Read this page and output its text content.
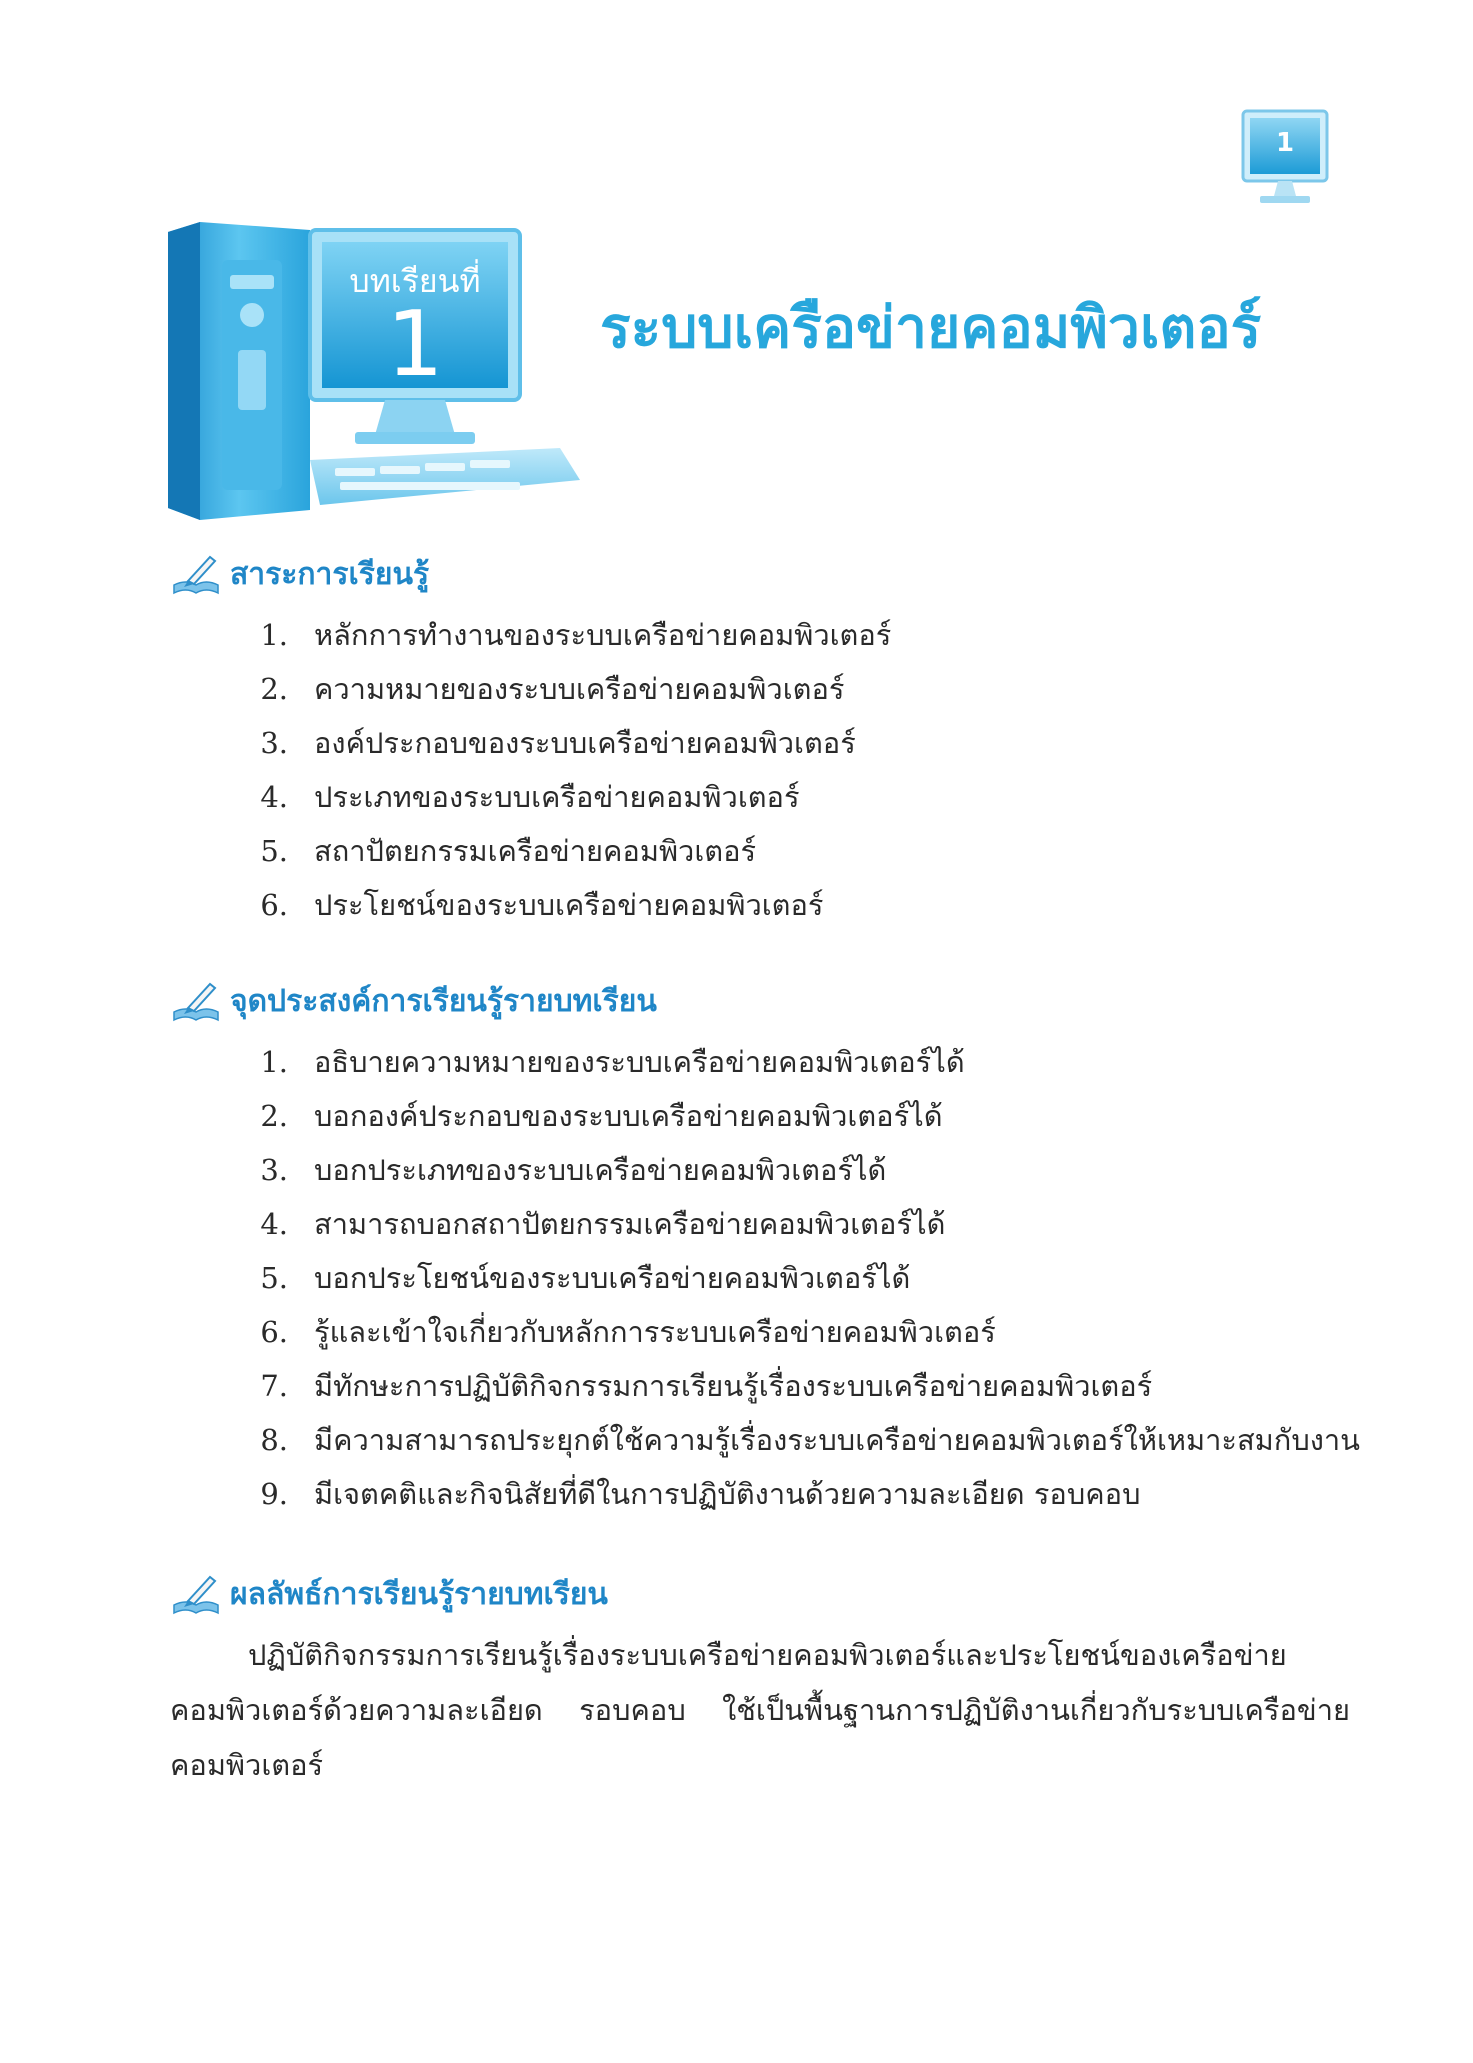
1
บทเรียนที่
1	ระบบเครือข่ายคอมพิวเตอร์
สาระการเรียนรู้
1. หลักการทำงานของระบบเครือข่ายคอมพิวเตอร์
2. ความหมายของระบบเครือข่ายคอมพิวเตอร์
3. องค์ประกอบของระบบเครือข่ายคอมพิวเตอร์
4. ประเภทของระบบเครือข่ายคอมพิวเตอร์
5. สถาปัตยกรรมเครือข่ายคอมพิวเตอร์
6. ประโยชน์ของระบบเครือข่ายคอมพิวเตอร์
จุดประสงค์การเรียนรู้รายบทเรียน
1. อธิบายความหมายของระบบเครือข่ายคอมพิวเตอร์ได้
2. บอกองค์ประกอบของระบบเครือข่ายคอมพิวเตอร์ได้
3. บอกประเภทของระบบเครือข่ายคอมพิวเตอร์ได้
4. สามารถบอกสถาปัตยกรรมเครือข่ายคอมพิวเตอร์ได้
5. บอกประโยชน์ของระบบเครือข่ายคอมพิวเตอร์ได้
6. รู้และเข้าใจเกี่ยวกับหลักการระบบเครือข่ายคอมพิวเตอร์
7. มีทักษะการปฏิบัติกิจกรรมการเรียนรู้เรื่องระบบเครือข่ายคอมพิวเตอร์
8. มีความสามารถประยุกต์ใช้ความรู้เรื่องระบบเครือข่ายคอมพิวเตอร์ให้เหมาะสมกับงาน
9. มีเจตคติและกิจนิสัยที่ดีในการปฏิบัติงานด้วยความละเอียด รอบคอบ
ผลลัพธ์การเรียนรู้รายบทเรียน

ปฏิบัติกิจกรรมการเรียนรู้เรื่องระบบเครือข่ายคอมพิวเตอร์และประโยชน์ของเครือข่ายคอมพิวเตอร์ด้วยความละเอียด รอบคอบ ใช้เป็นพื้นฐานการปฏิบัติงานเกี่ยวกับระบบเครือข่ายคอมพิวเตอร์
